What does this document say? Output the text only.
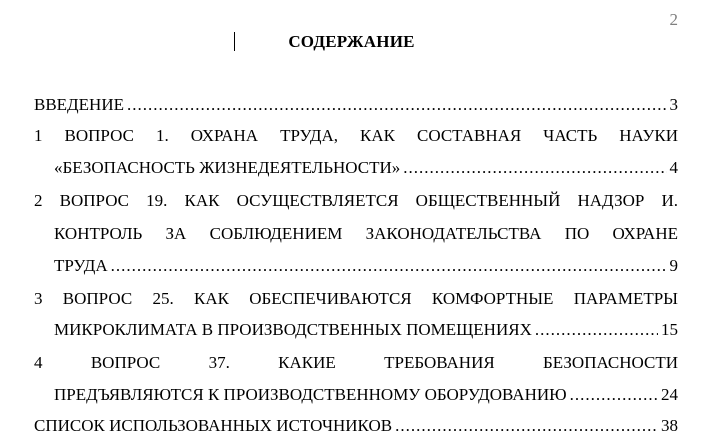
2
СОДЕРЖАНИЕ
ВВЕДЕНИЕ .....	3
1 ВОПРОС 1. ОХРАНА ТРУДА, КАК СОСТАВНАЯ ЧАСТЬ НАУКИ
«БЕЗОПАСНОСТЬ ЖИЗНЕДЕЯТЕЛЬНОСТИ» .....	4
2 ВОПРОС 19. КАК ОСУЩЕСТВЛЯЕТСЯ ОБЩЕСТВЕННЫЙ НАДЗОР И.
КОНТРОЛЬ ЗА СОБЛЮДЕНИЕМ ЗАКОНОДАТЕЛЬСТВА ПО ОХРАНЕ
ТРУДА .....	9
3 ВОПРОС 25. КАК ОБЕСПЕЧИВАЮТСЯ КОМФОРТНЫЕ ПАРАМЕТРЫ
МИКРОКЛИМАТА В ПРОИЗВОДСТВЕННЫХ ПОМЕЩЕНИЯХ .....	15
4 ВОПРОС 37. КАКИЕ ТРЕБОВАНИЯ БЕЗОПАСНОСТИ
ПРЕДЪЯВЛЯЮТСЯ К ПРОИЗВОДСТВЕННОМУ ОБОРУДОВАНИЮ .....	24
СПИСОК ИСПОЛЬЗОВАННЫХ ИСТОЧНИКОВ .....	38
